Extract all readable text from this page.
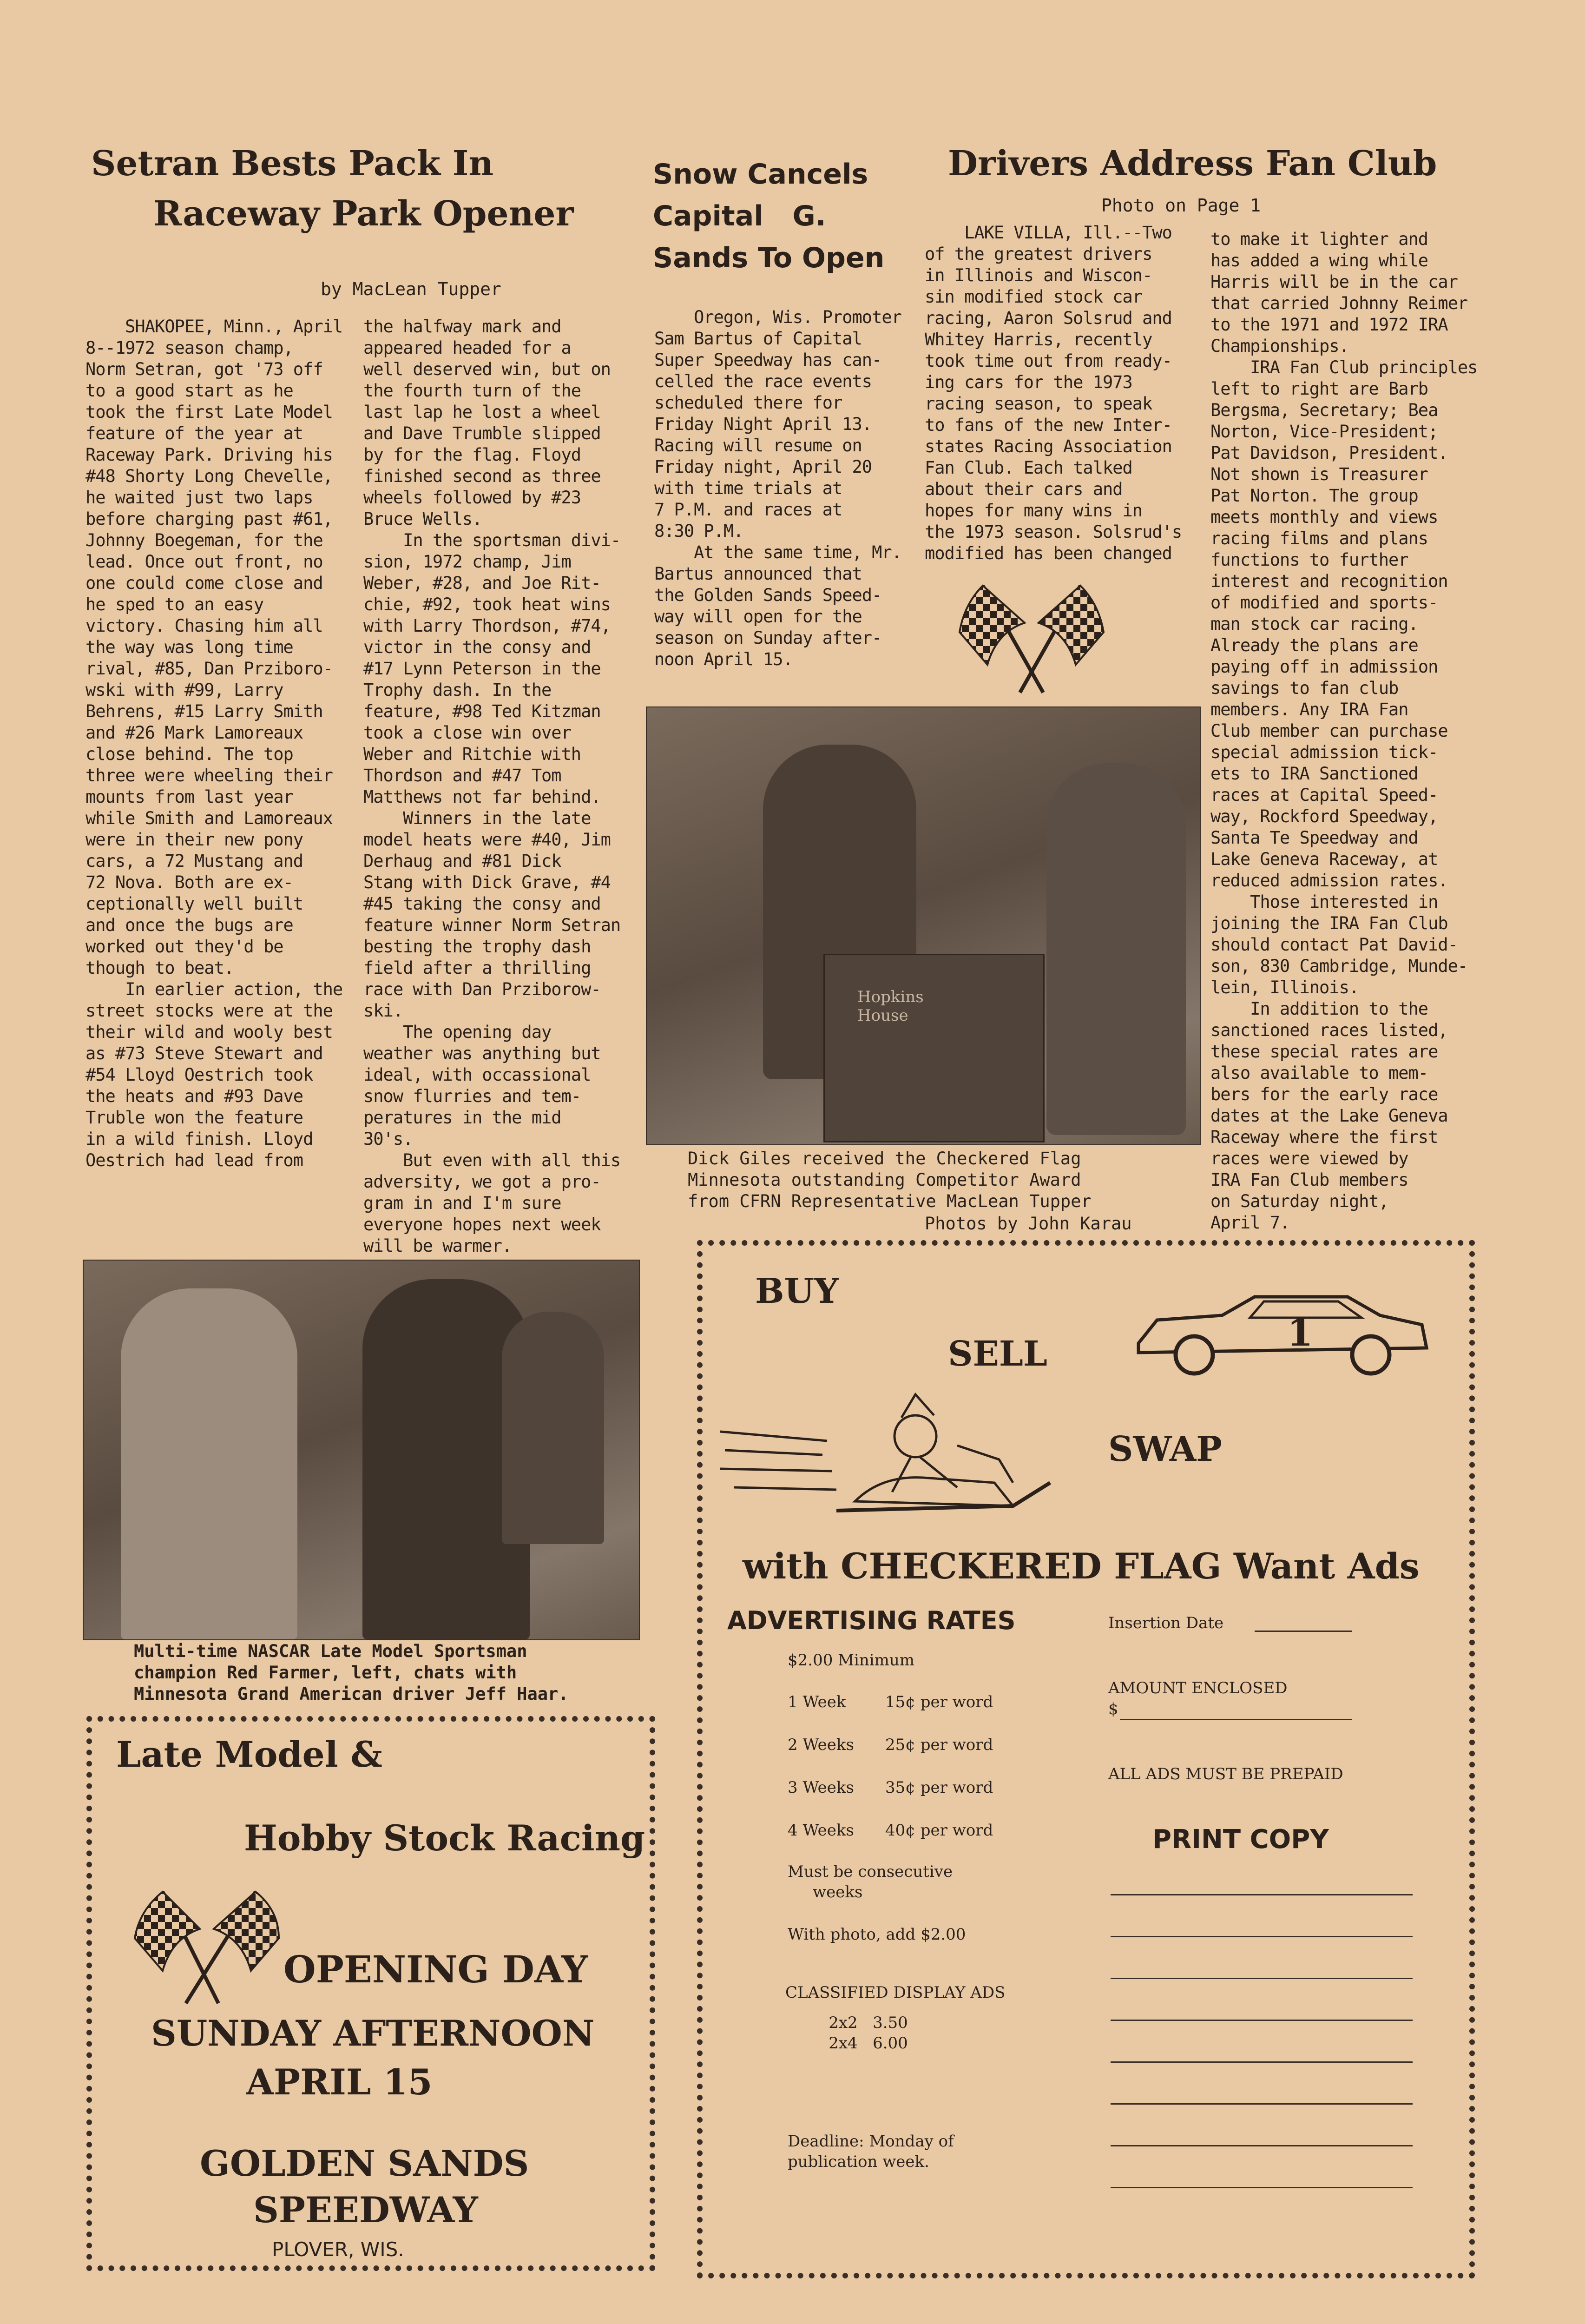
Setran Bests Pack In
Raceway Park Opener
by MacLean Tupper
SHAKOPEE, Minn., April
8--1972 season champ,
Norm Setran, got '73 off
to a good start as he
took the first Late Model
feature of the year at
Raceway Park. Driving his
#48 Shorty Long Chevelle,
he waited just two laps
before charging past #61,
Johnny Boegeman, for the
lead. Once out front, no
one could come close and
he sped to an easy
victory. Chasing him all
the way was long time
rival, #85, Dan Prziboro-
wski with #99, Larry
Behrens, #15 Larry Smith
and #26 Mark Lamoreaux
close behind. The top
three were wheeling their
mounts from last year
while Smith and Lamoreaux
were in their new pony
cars, a 72 Mustang and
72 Nova. Both are ex-
ceptionally well built
and once the bugs are
worked out they'd be
though to beat.
In earlier action, the
street stocks were at the
their wild and wooly best
as #73 Steve Stewart and
#54 Lloyd Oestrich took
the heats and #93 Dave
Truble won the feature
in a wild finish. Lloyd
Oestrich had lead from
the halfway mark and
appeared headed for a
well deserved win, but on
the fourth turn of the
last lap he lost a wheel
and Dave Trumble slipped
by for the flag. Floyd
finished second as three
wheels followed by #23
Bruce Wells.
In the sportsman divi-
sion, 1972 champ, Jim
Weber, #28, and Joe Rit-
chie, #92, took heat wins
with Larry Thordson, #74,
victor in the consy and
#17 Lynn Peterson in the
Trophy dash. In the
feature, #98 Ted Kitzman
took a close win over
Weber and Ritchie with
Thordson and #47 Tom
Matthews not far behind.
Winners in the late
model heats were #40, Jim
Derhaug and #81 Dick
Stang with Dick Grave, #4
#45 taking the consy and
feature winner Norm Setran
besting the trophy dash
field after a thrilling
race with Dan Prziborow-
ski.
The opening day
weather was anything but
ideal, with occassional
snow flurries and tem-
peratures in the mid
30's.
But even with all this
adversity, we got a pro-
gram in and I'm sure
everyone hopes next week
will be warmer.
Snow Cancels
Capital   G.
Sands To Open
Oregon, Wis. Promoter
Sam Bartus of Capital
Super Speedway has can-
celled the race events
scheduled there for
Friday Night April 13.
Racing will resume on
Friday night, April 20
with time trials at
7 P.M. and races at
8:30 P.M.
At the same time, Mr.
Bartus announced that
the Golden Sands Speed-
way will open for the
season on Sunday after-
noon April 15.
Drivers Address Fan Club
Photo on Page 1
LAKE VILLA, Ill.--Two
of the greatest drivers
in Illinois and Wiscon-
sin modified stock car
racing, Aaron Solsrud and
Whitey Harris, recently
took time out from ready-
ing cars for the 1973
racing season, to speak
to fans of the new Inter-
states Racing Association
Fan Club. Each talked
about their cars and
hopes for many wins in
the 1973 season. Solsrud's
modified has been changed
to make it lighter and
has added a wing while
Harris will be in the car
that carried Johnny Reimer
to the 1971 and 1972 IRA
Championships.
IRA Fan Club principles
left to right are Barb
Bergsma, Secretary; Bea
Norton, Vice-President;
Pat Davidson, President.
Not shown is Treasurer
Pat Norton. The group
meets monthly and views
racing films and plans
functions to further
interest and recognition
of modified and sports-
man stock car racing.
Already the plans are
paying off in admission
savings to fan club
members. Any IRA Fan
Club member can purchase
special admission tick-
ets to IRA Sanctioned
races at Capital Speed-
way, Rockford Speedway,
Santa Te Speedway and
Lake Geneva Raceway, at
reduced admission rates.
Those interested in
joining the IRA Fan Club
should contact Pat David-
son, 830 Cambridge, Munde-
lein, Illinois.
In addition to the
sanctioned races listed,
these special rates are
also available to mem-
bers for the early race
dates at the Lake Geneva
Raceway where the first
races were viewed by
IRA Fan Club members
on Saturday night,
April 7.
Hopkins House
Dick Giles received the Checkered Flag
Minnesota outstanding Competitor Award
from CFRN Representative MacLean Tupper
Photos by John Karau
Multi-time NASCAR Late Model Sportsman
champion Red Farmer, left, chats with
Minnesota Grand American driver Jeff Haar.
Late Model &
Hobby Stock Racing
OPENING DAY
SUNDAY AFTERNOON
APRIL 15
GOLDEN SANDS
SPEEDWAY
PLOVER, WIS.
BUY
SELL
SWAP
1
with CHECKERED FLAG Want Ads
ADVERTISING RATES
$2.00 Minimum
1 Week 15¢ per word
2 Weeks 25¢ per word
3 Weeks 35¢ per word
4 Weeks 40¢ per word
Must be consecutive
weeks
With photo, add $2.00
CLASSIFIED DISPLAY ADS
2x2   3.50
2x4   6.00
Deadline: Monday of
publication week.
Insertion Date
AMOUNT ENCLOSED
$
ALL ADS MUST BE PREPAID
PRINT COPY
